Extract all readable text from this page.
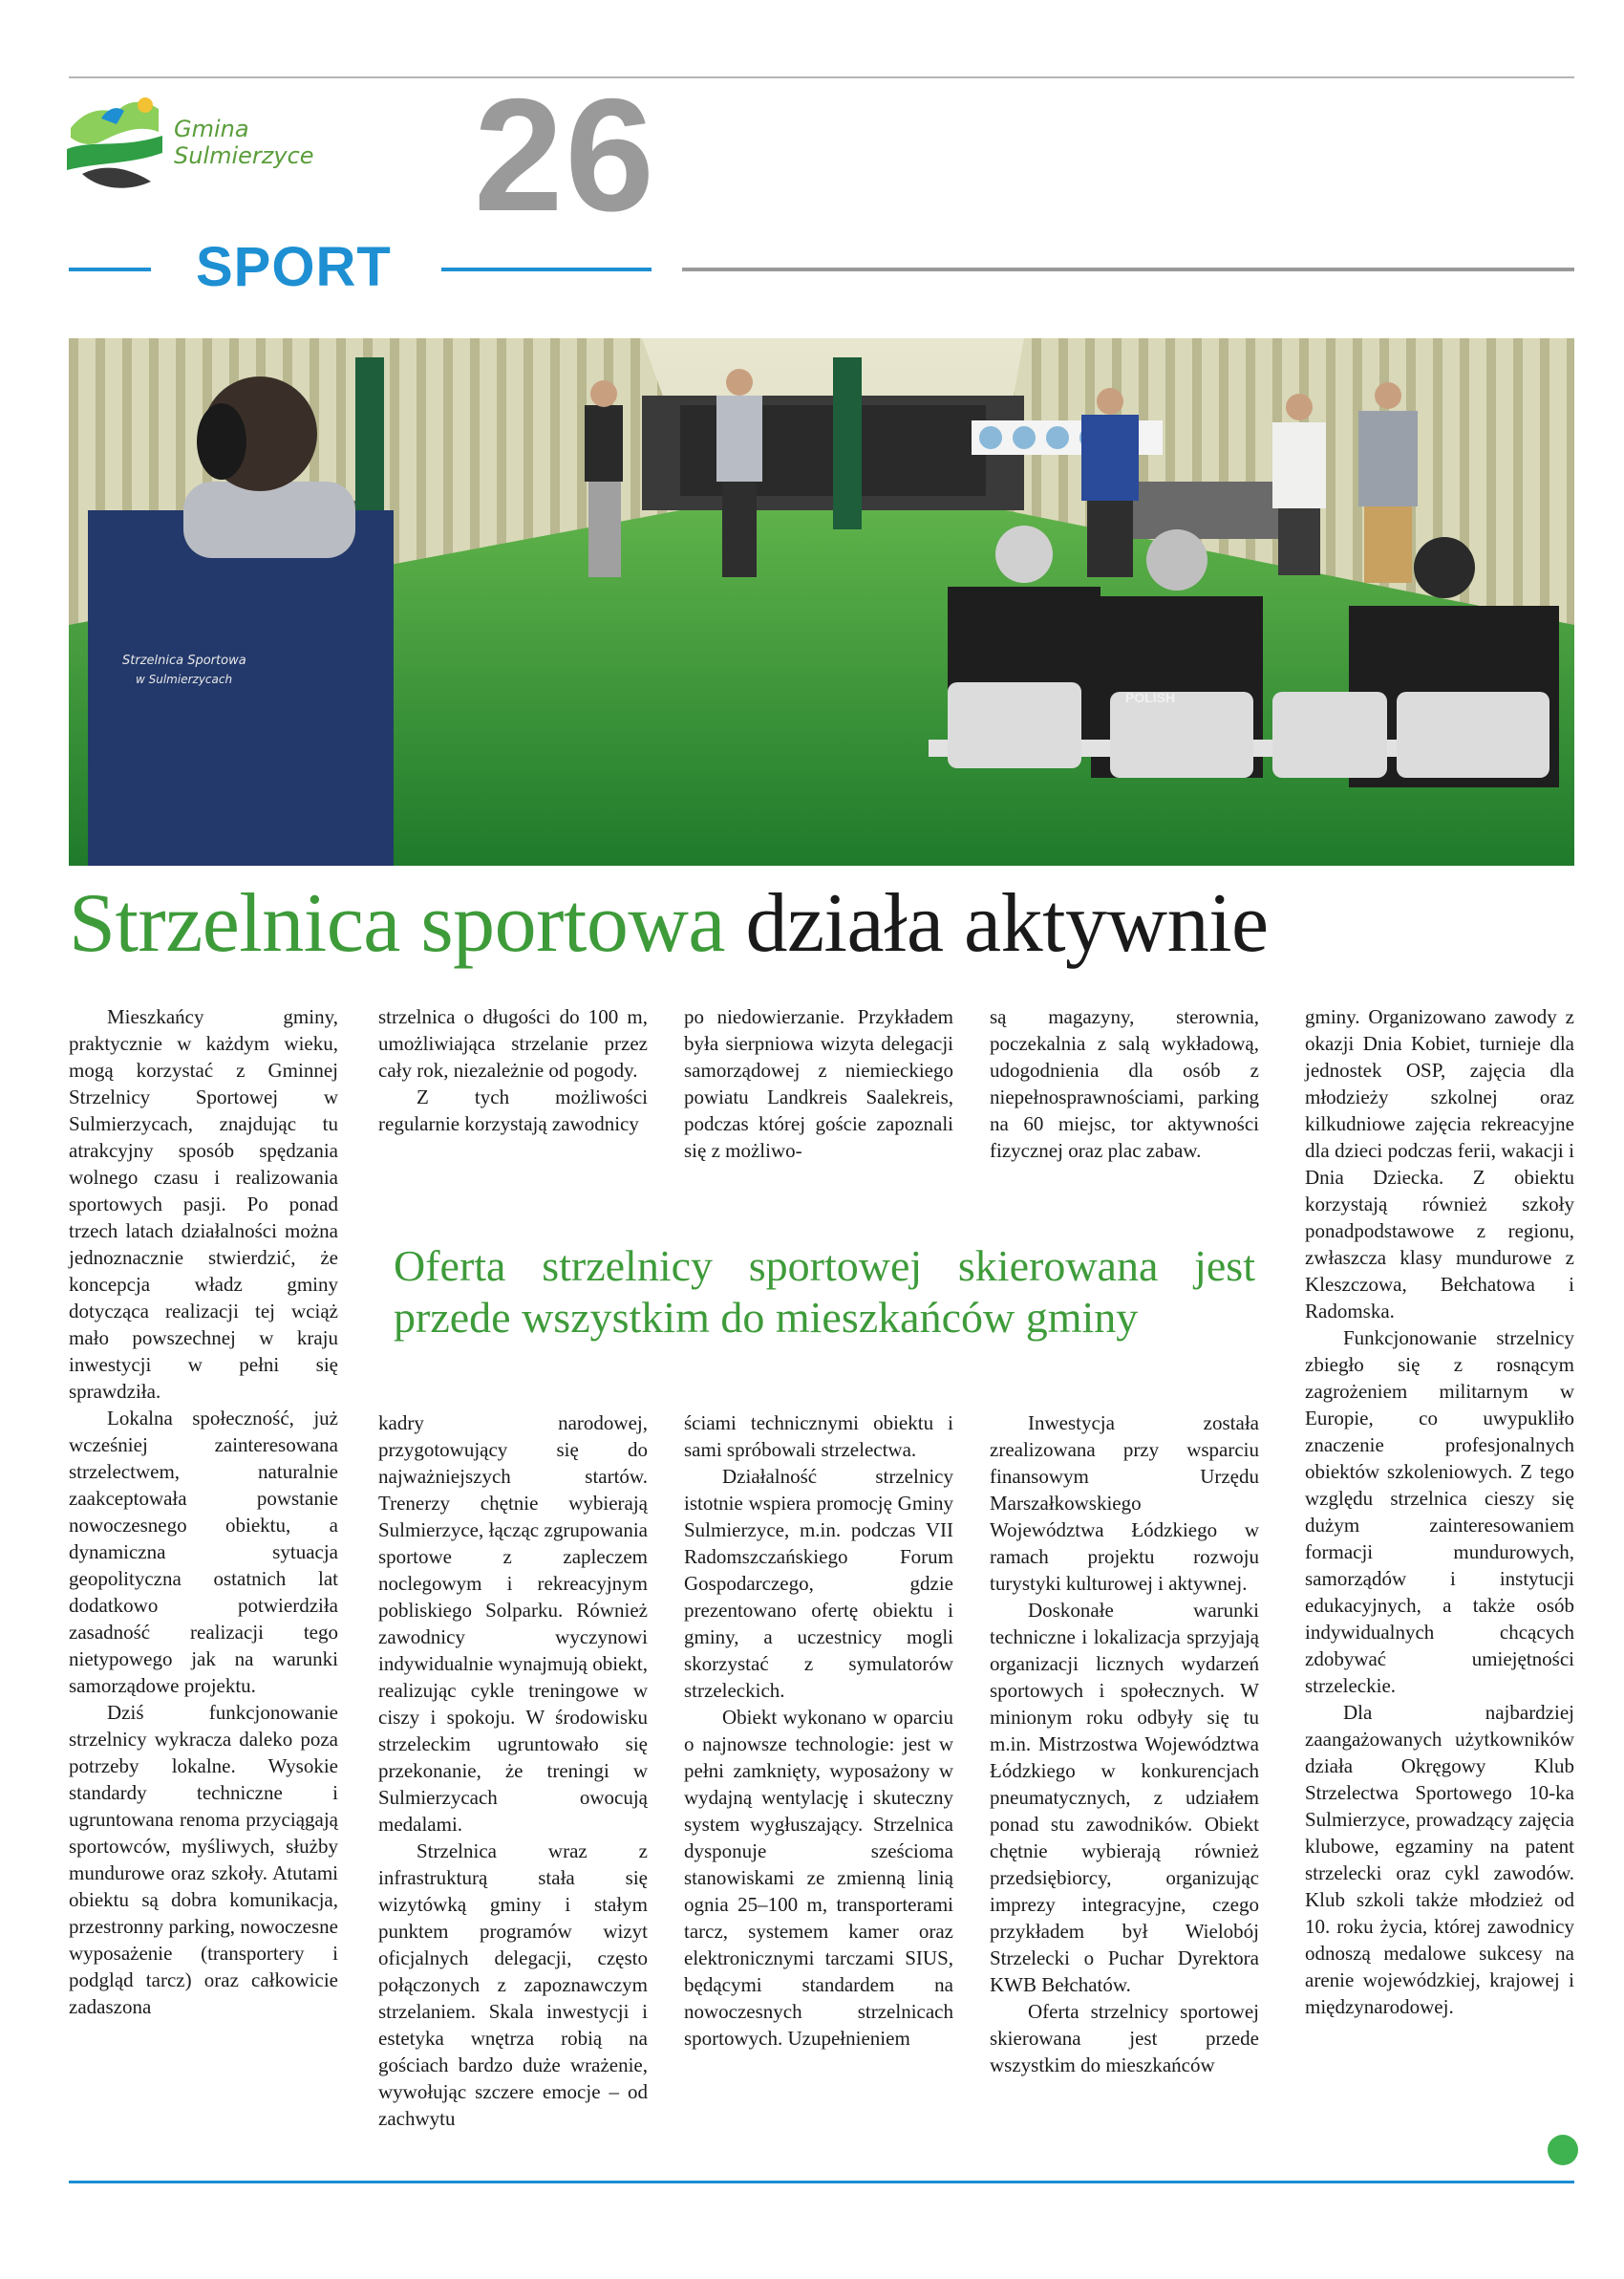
Gmina
Sulmierzyce 26
SPORT
Strzelnica Sportowa
w Sulmierzycach
POLISH
Strzelnica sportowa działa aktywnie

Mieszkańcy gminy, praktycznie w każdym wieku, mogą korzystać z Gminnej Strzelnicy Sportowej w Sulmierzycach, znajdując tu atrakcyjny sposób spędzania wolnego czasu i realizowania sportowych pasji. Po ponad trzech latach działalności można jednoznacznie stwierdzić, że koncepcja władz gminy dotycząca realizacji tej wciąż mało powszechnej w kraju inwestycji w pełni się sprawdziła.

Lokalna społeczność, już wcześniej zainteresowana strzelectwem, naturalnie zaakceptowała powstanie nowoczesnego obiektu, a dynamiczna sytuacja geopolityczna ostatnich lat dodatkowo potwierdziła zasadność realizacji tego nietypowego jak na warunki samorządowe projektu.

Dziś funkcjonowanie strzelnicy wykracza daleko poza potrzeby lokalne. Wysokie standardy techniczne i ugruntowana renoma przyciągają sportowców, myśliwych, służby mundurowe oraz szkoły. Atutami obiektu są dobra komunikacja, przestronny parking, nowoczesne wyposażenie (transportery i podgląd tarcz) oraz całkowicie zadaszona

strzelnica o długości do 100 m, umożliwiająca strzelanie przez cały rok, niezależnie od pogody.

Z tych możliwości regularnie korzystają zawodnicy

kadry narodowej, przygotowujący się do najważniejszych startów. Trenerzy chętnie wybierają Sulmierzyce, łącząc zgrupowania sportowe z zapleczem noclegowym i rekreacyjnym pobliskiego Solparku. Również zawodnicy wyczynowi indywidualnie wynajmują obiekt, realizując cykle treningowe w ciszy i spokoju. W środowisku strzeleckim ugruntowało się przekonanie, że treningi w Sulmierzycach owocują medalami.

Strzelnica wraz z infrastrukturą stała się wizytówką gminy i stałym punktem programów wizyt oficjalnych delegacji, często połączonych z zapoznawczym strzelaniem. Skala inwestycji i estetyka wnętrza robią na gościach bardzo duże wrażenie, wywołując szczere emocje – od zachwytu

po niedowierzanie. Przykładem była sierpniowa wizyta delegacji samorządowej z niemieckiego powiatu Landkreis Saalekreis, podczas której goście zapoznali się z możliwo-

ściami technicznymi obiektu i sami spróbowali strzelectwa.

Działalność strzelnicy istotnie wspiera promocję Gminy Sulmierzyce, m.in. podczas VII Radomszczańskiego Forum Gospodarczego, gdzie prezentowano ofertę obiektu i gminy, a uczestnicy mogli skorzystać z symulatorów strzeleckich.

Obiekt wykonano w oparciu o najnowsze technologie: jest w pełni zamknięty, wyposażony w wydajną wentylację i skuteczny system wygłuszający. Strzelnica dysponuje sześcioma stanowiskami ze zmienną linią ognia 25–100 m, transporterami tarcz, systemem kamer oraz elektronicznymi tarczami SIUS, będącymi standardem na nowoczesnych strzelnicach sportowych. Uzupełnieniem

są magazyny, sterownia, poczekalnia z salą wykładową, udogodnienia dla osób z niepełnosprawnościami, parking na 60 miejsc, tor aktywności fizycznej oraz plac zabaw.

Inwestycja została zrealizowana przy wsparciu finansowym Urzędu Marszałkowskiego Województwa Łódzkiego w ramach projektu rozwoju turystyki kulturowej i aktywnej.

Doskonałe warunki techniczne i lokalizacja sprzyjają organizacji licznych wydarzeń sportowych i społecznych. W minionym roku odbyły się tu m.in. Mistrzostwa Województwa Łódzkiego w konkurencjach pneumatycznych, z udziałem ponad stu zawodników. Obiekt chętnie wybierają również przedsiębiorcy, organizując imprezy integracyjne, czego przykładem był Wielobój Strzelecki o Puchar Dyrektora KWB Bełchatów.

Oferta strzelnicy sportowej skierowana jest przede wszystkim do mieszkańców

gminy. Organizowano zawody z okazji Dnia Kobiet, turnieje dla jednostek OSP, zajęcia dla młodzieży szkolnej oraz kilkudniowe zajęcia rekreacyjne dla dzieci podczas ferii, wakacji i Dnia Dziecka. Z obiektu korzystają również szkoły ponadpodstawowe z regionu, zwłaszcza klasy mundurowe z Kleszczowa, Bełchatowa i Radomska.

Funkcjonowanie strzelnicy zbiegło się z rosnącym zagrożeniem militarnym w Europie, co uwypukliło znaczenie profesjonalnych obiektów szkoleniowych. Z tego względu strzelnica cieszy się dużym zainteresowaniem formacji mundurowych, samorządów i instytucji edukacyjnych, a także osób indywidualnych chcących zdobywać umiejętności strzeleckie.

Dla najbardziej zaangażowanych użytkowników działa Okręgowy Klub Strzelectwa Sportowego 10-ka Sulmierzyce, prowadzący zajęcia klubowe, egzaminy na patent strzelecki oraz cykl zawodów. Klub szkoli także młodzież od 10. roku życia, której zawodnicy odnoszą medalowe sukcesy na arenie wojewódzkiej, krajowej i międzynarodowej.

Oferta strzelnicy sportowej skierowana jest przede wszystkim do mieszkańców gminy
